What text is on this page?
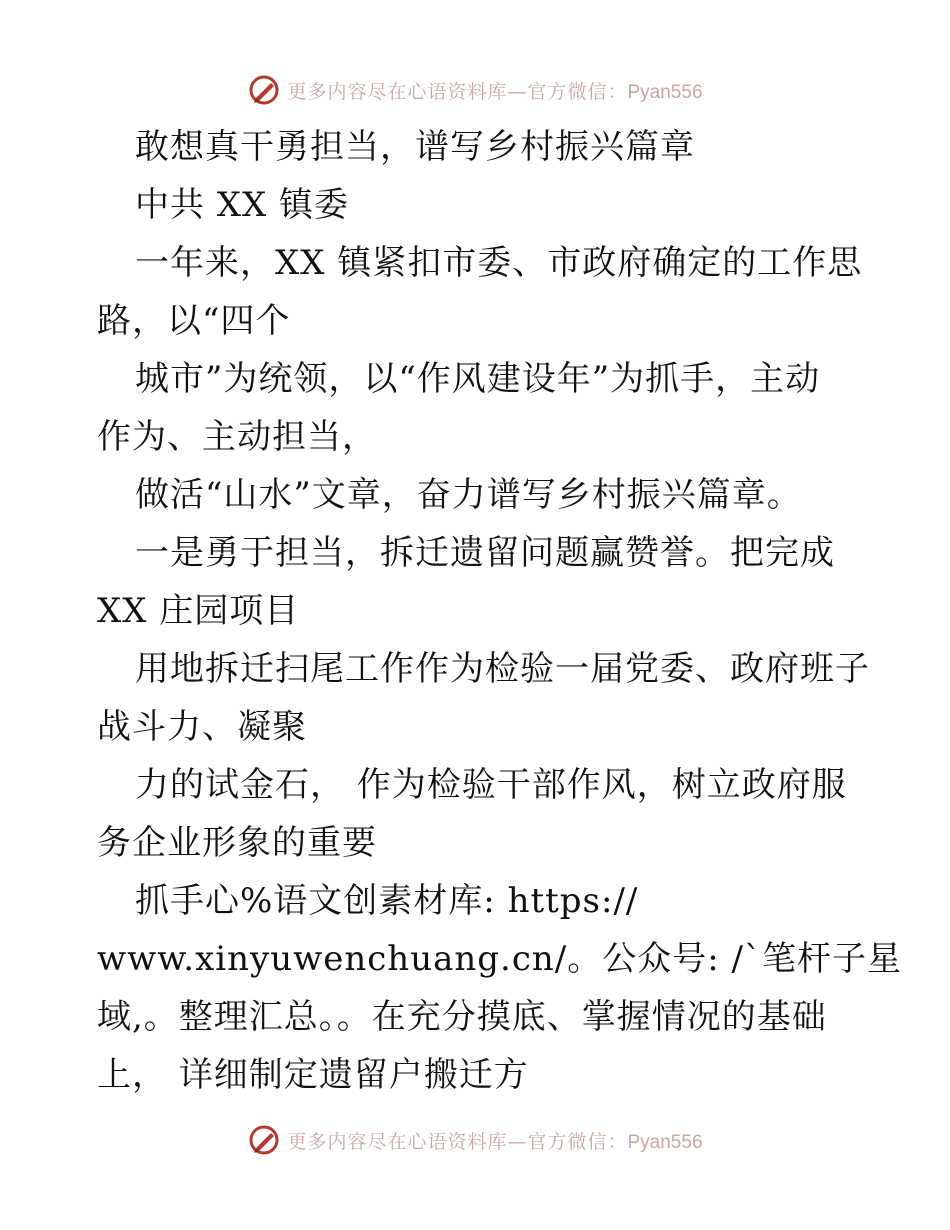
更多内容尽在心语资料库—官方微信：Pyan556
敢想真干勇担当，谱写乡村振兴篇章
中共 XX 镇委
一年来，XX 镇紧扣市委、市政府确定的工作思
路，以“四个
城市”为统领，以“作风建设年”为抓手，主动
作为、主动担当，
做活“山水”文章，奋力谱写乡村振兴篇章。
一是勇于担当，拆迁遗留问题赢赞誉。把完成
XX 庄园项目
用地拆迁扫尾工作作为检验一届党委、政府班子
战斗力、凝聚
力的试金石， 作为检验干部作风，树立政府服
务企业形象的重要
抓手心%语文创素材库: https://
www.xinyuwenchuang.cn/。公众号: /`笔杆子星
域,。整理汇总。。在充分摸底、掌握情况的基础
上， 详细制定遗留户搬迁方
更多内容尽在心语资料库—官方微信：Pyan556
